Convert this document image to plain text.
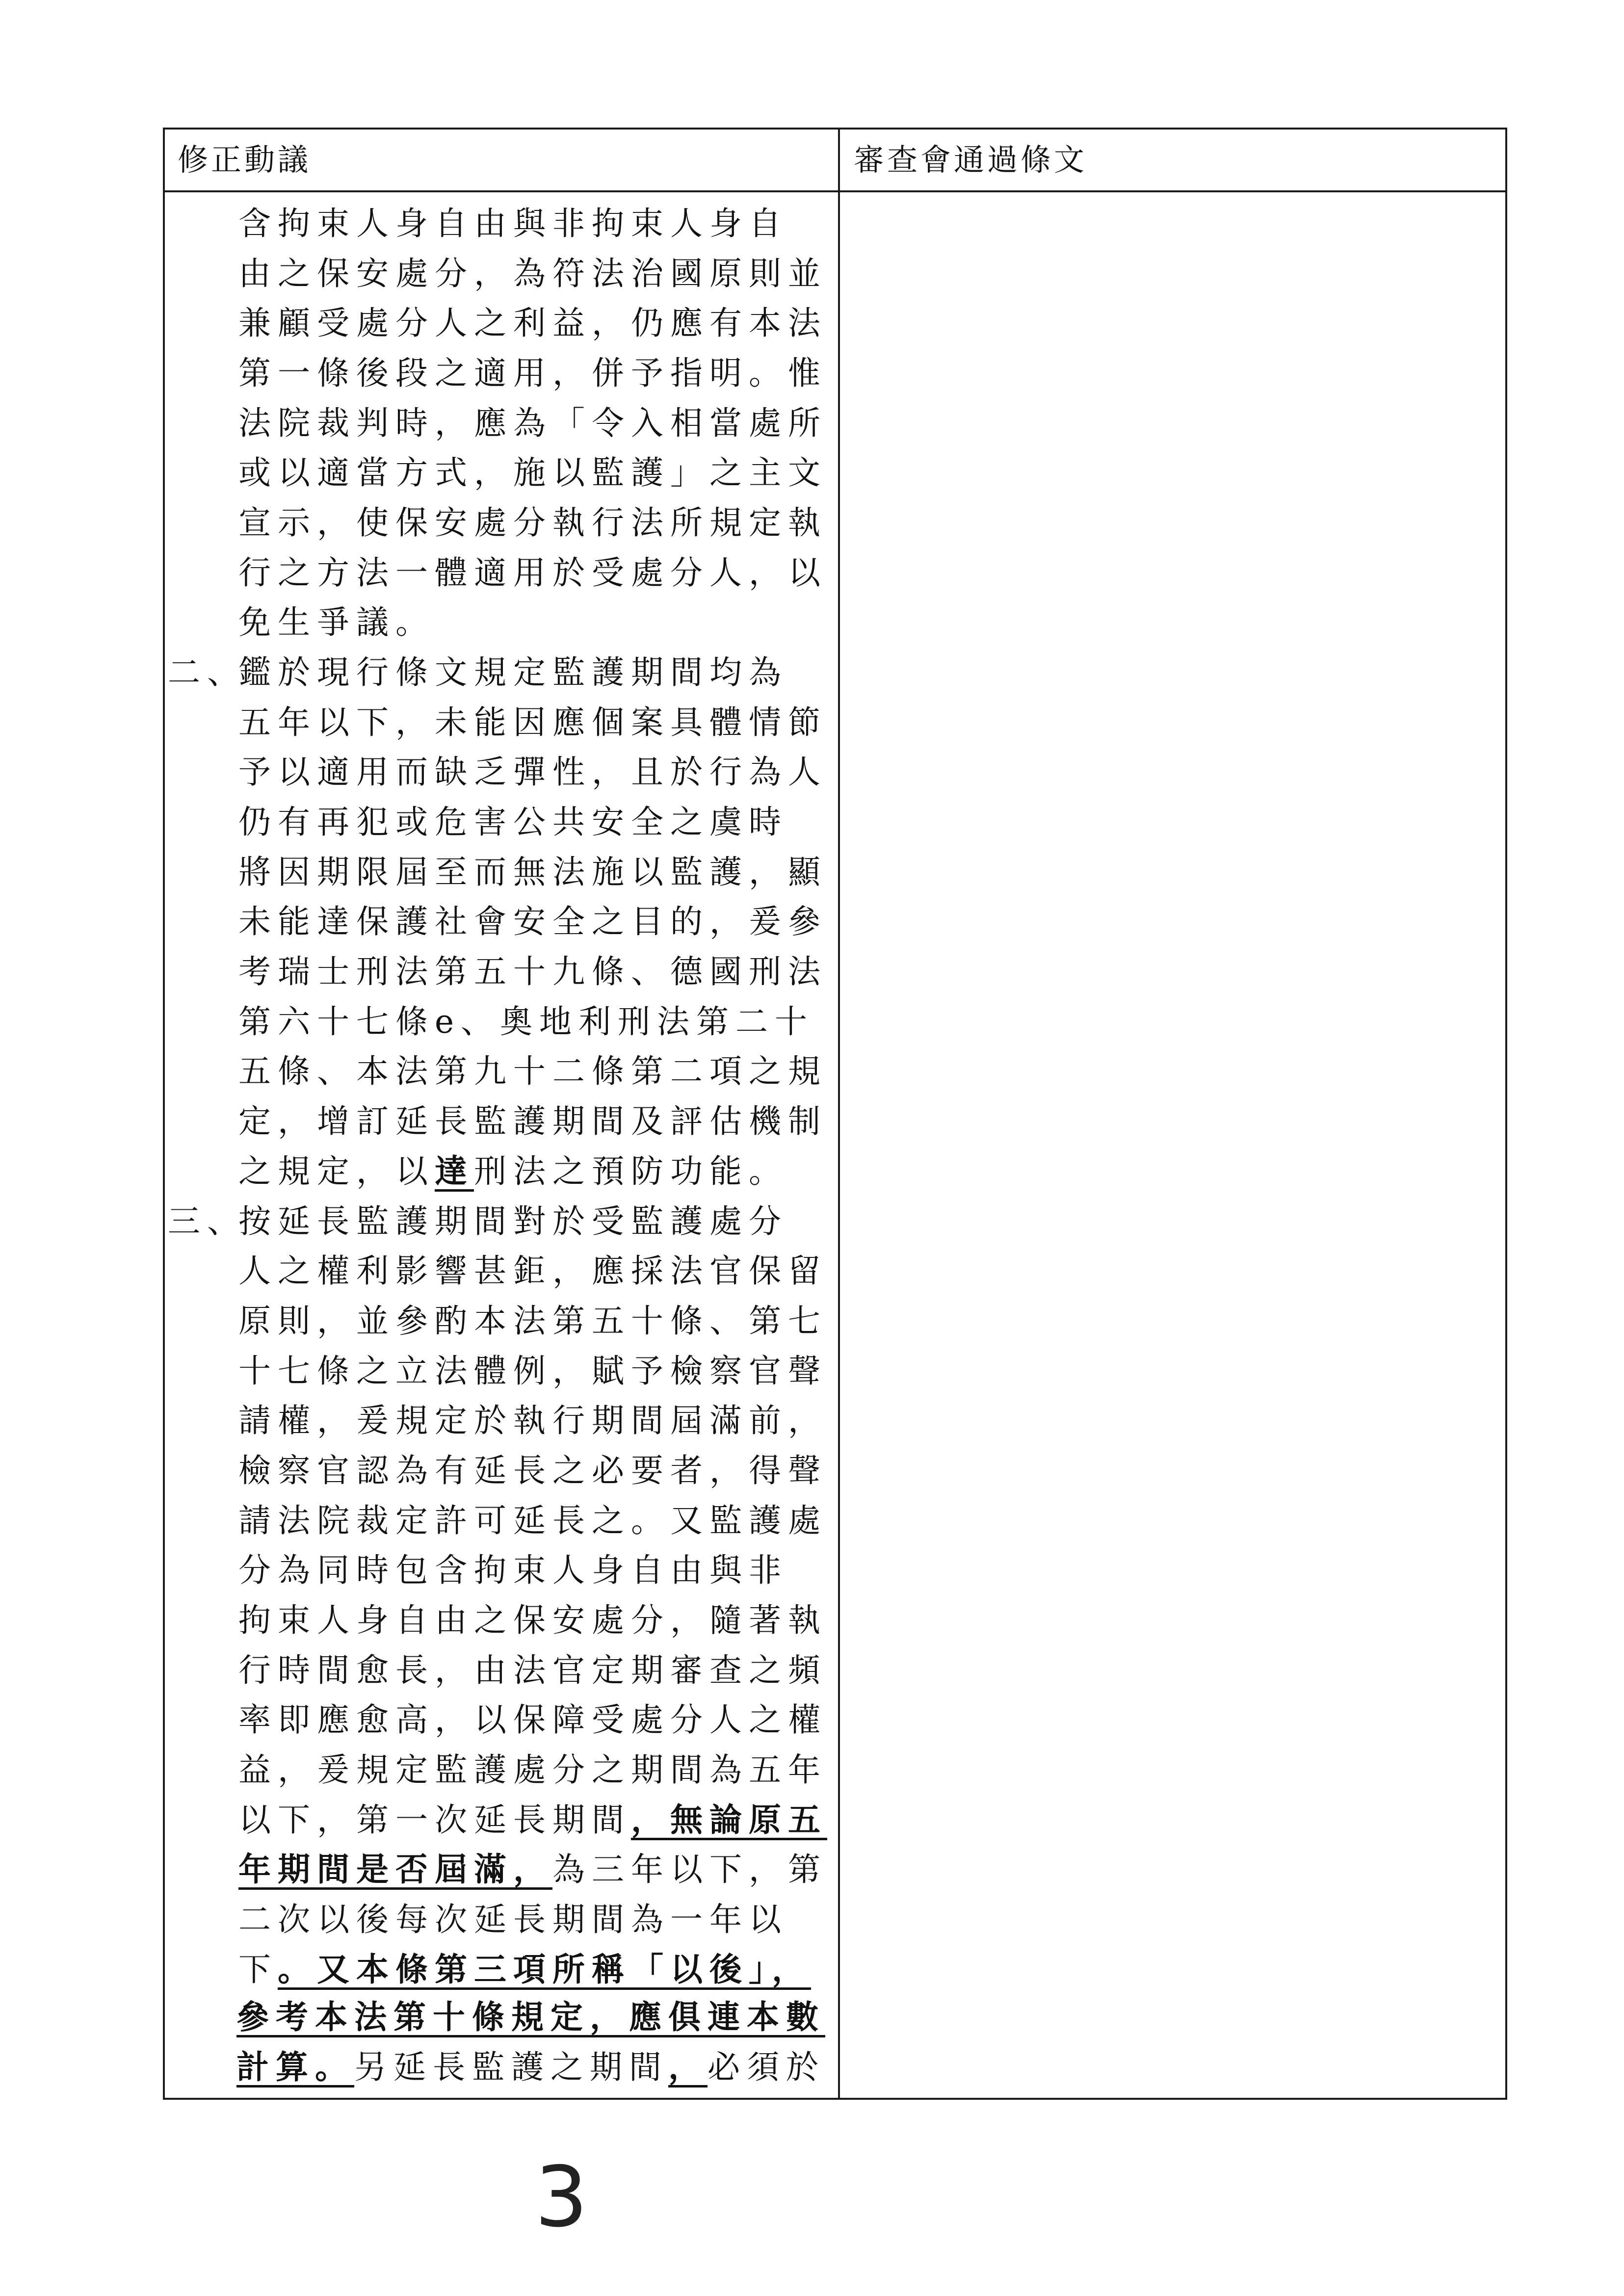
修正動議	審查會通過條文
含拘束人身自由與非拘束人身自
由之保安處分，為符法治國原則並
兼顧受處分人之利益，仍應有本法
第一條後段之適用，併予指明。惟
法院裁判時，應為「令入相當處所
或以適當方式，施以監護」之主文
宣示，使保安處分執行法所規定執
行之方法一體適用於受處分人，以
免生爭議。
二、
鑑於現行條文規定監護期間均為
五年以下，未能因應個案具體情節
予以適用而缺乏彈性，且於行為人
仍有再犯或危害公共安全之虞時
將因期限屆至而無法施以監護，顯
未能達保護社會安全之目的，爰參
考瑞士刑法第五十九條、德國刑法
第六十七條e、奧地利刑法第二十
五條、本法第九十二條第二項之規
定，增訂延長監護期間及評估機制
之規定，以達刑法之預防功能。
三、
按延長監護期間對於受監護處分
人之權利影響甚鉅，應採法官保留
原則，並參酌本法第五十條、第七
十七條之立法體例，賦予檢察官聲
請權，爰規定於執行期間屆滿前，
檢察官認為有延長之必要者，得聲
請法院裁定許可延長之。又監護處
分為同時包含拘束人身自由與非
拘束人身自由之保安處分，隨著執
行時間愈長，由法官定期審查之頻
率即應愈高，以保障受處分人之權
益，爰規定監護處分之期間為五年
以下，第一次延長期間，無論原五
年期間是否屆滿，為三年以下，第
二次以後每次延長期間為一年以
下。又本條第三項所稱「以後」，
參考本法第十條規定，應俱連本數
計算。另延長監護之期間，必須於
3
